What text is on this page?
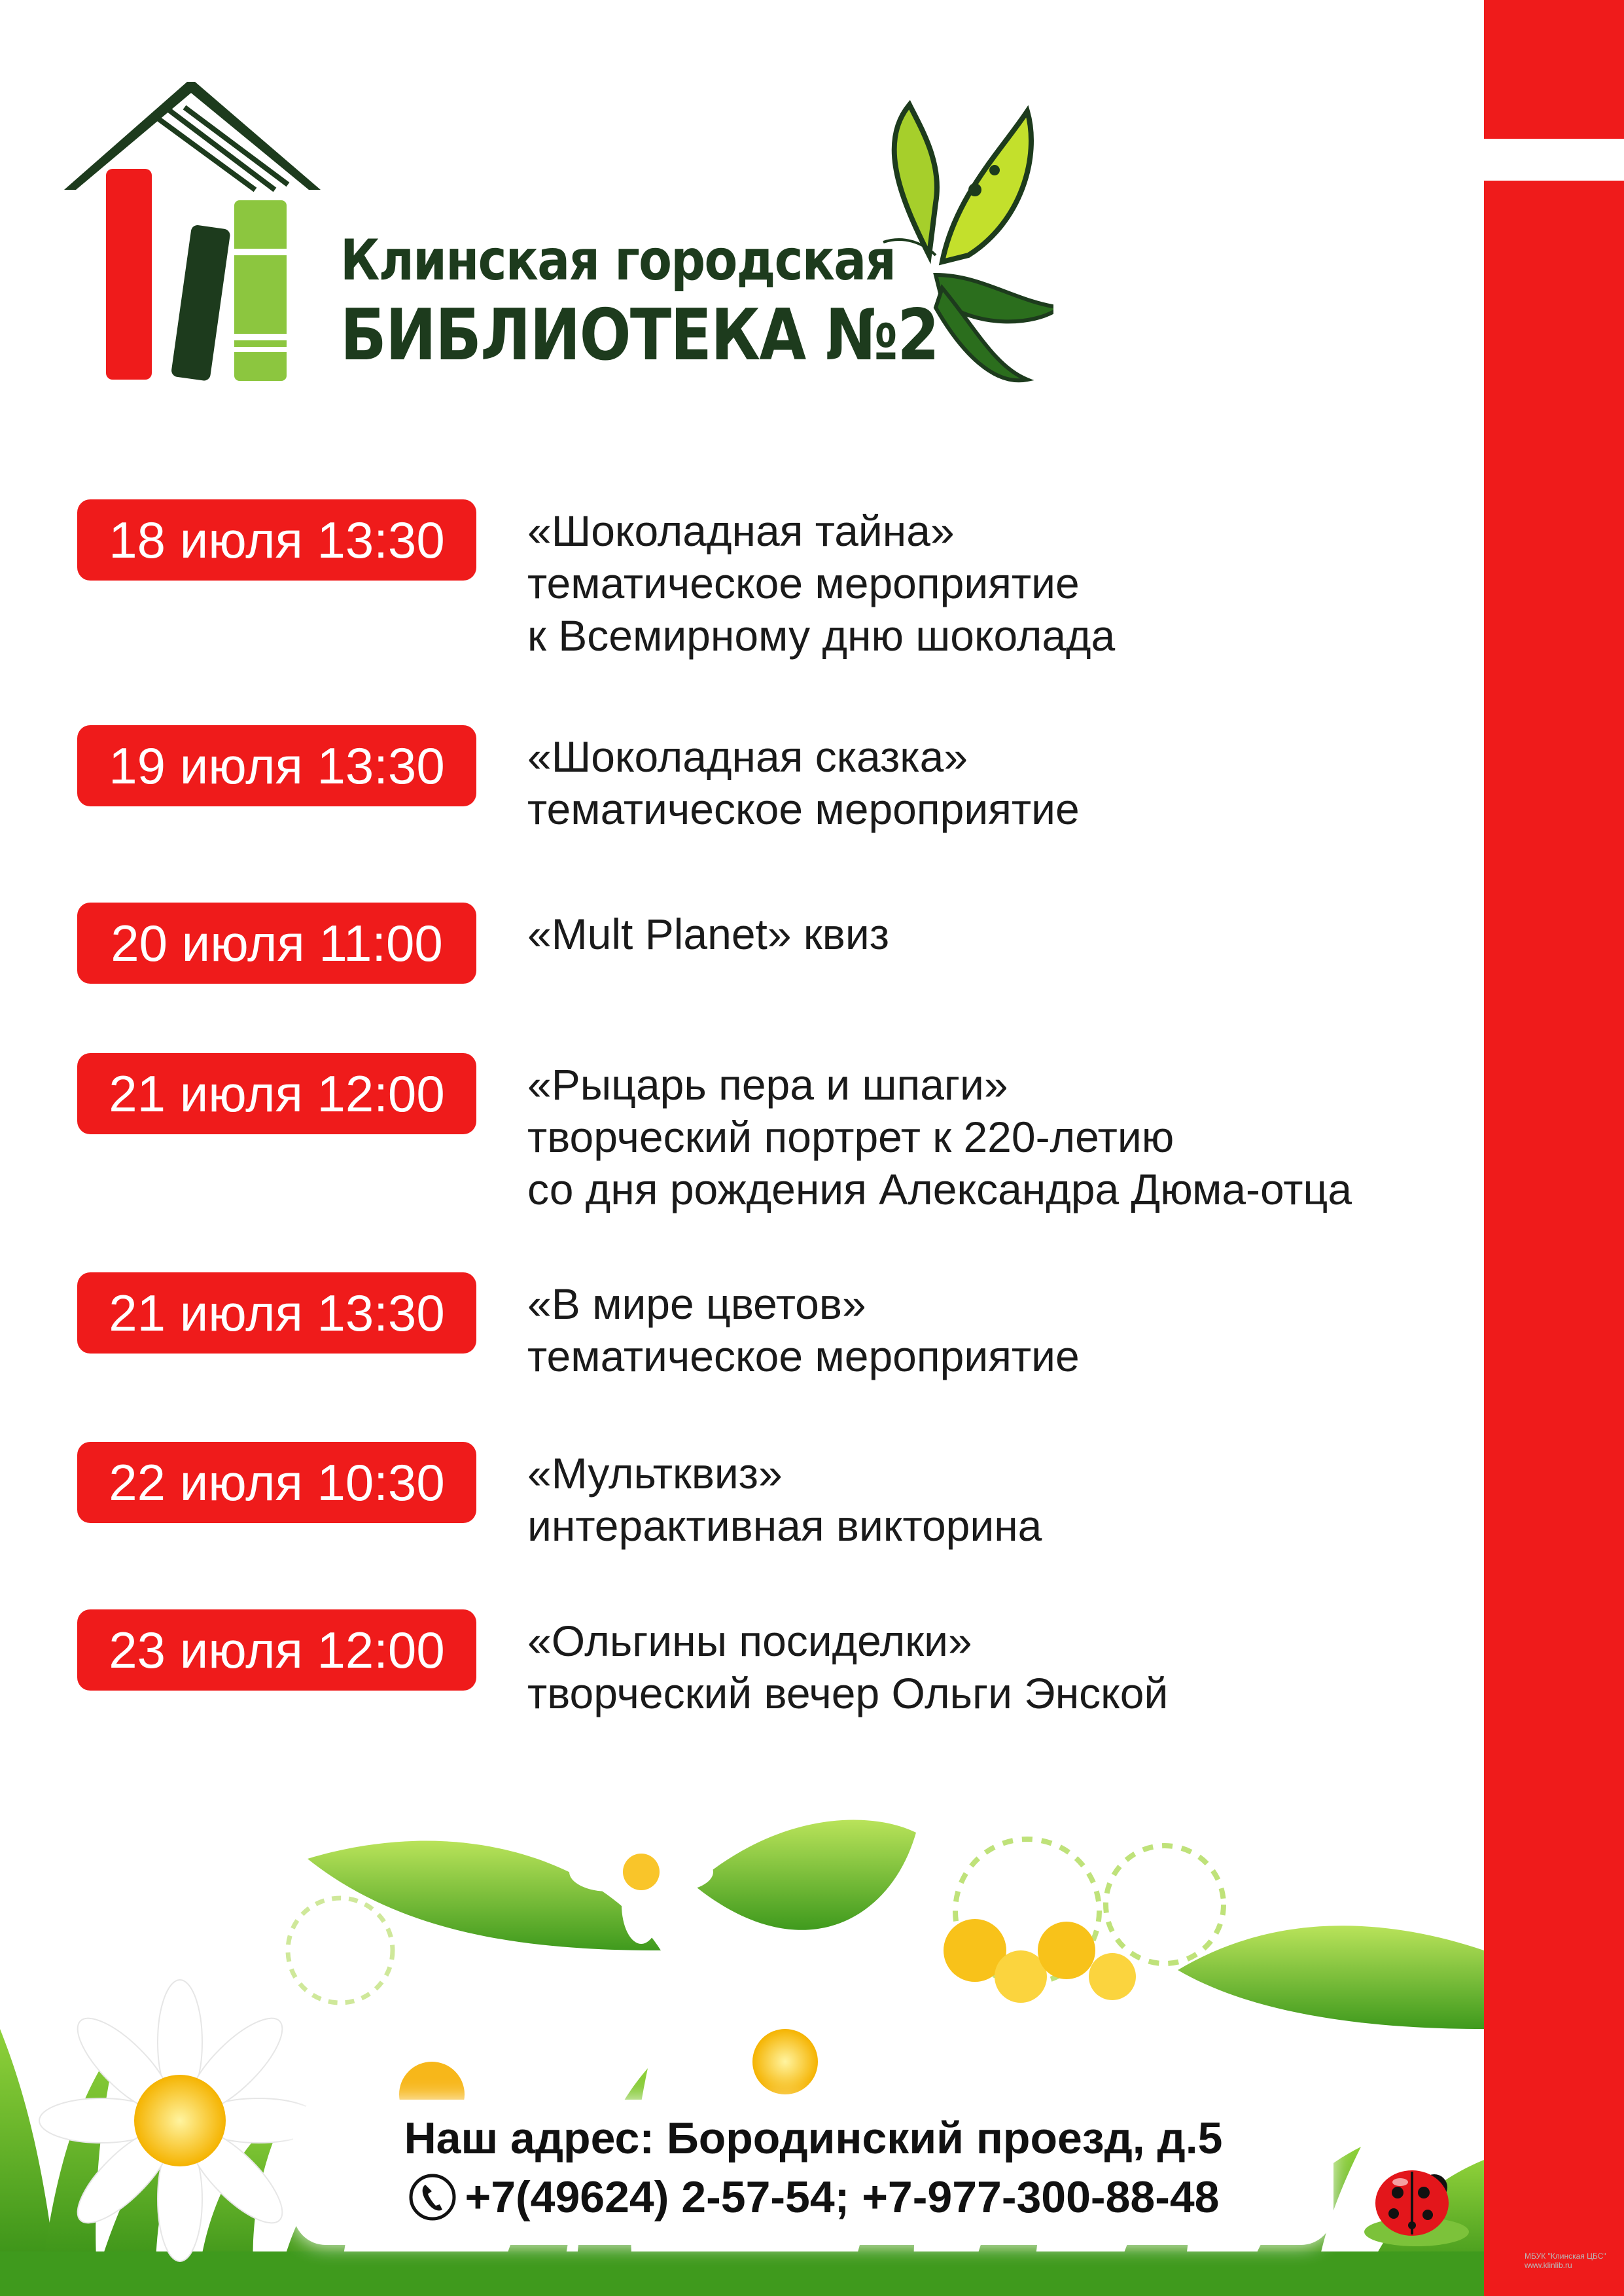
Клинская городская
БИБЛИОТЕКА №2
18 июля 13:30	«Шоколадная тайна»
тематическое мероприятие
к Всемирному дню шоколада
19 июля 13:30	«Шоколадная сказка»
тематическое мероприятие
20 июля 11:00	«Mult Planet» квиз
21 июля 12:00	«Рыцарь пера и шпаги»
творческий портрет к 220-летию
со дня рождения Александра Дюма-отца
21 июля 13:30	«В мире цветов»
тематическое мероприятие
22 июля 10:30	«Мультквиз»
интерактивная викторина
23 июля 12:00	«Ольгины посиделки»
творческий вечер Ольги Энской
Наш адрес: Бородинский проезд, д.5
+7(49624) 2-57-54; +7-977-300-88-48
МБУК "Клинская ЦБС"
www.klinlib.ru
